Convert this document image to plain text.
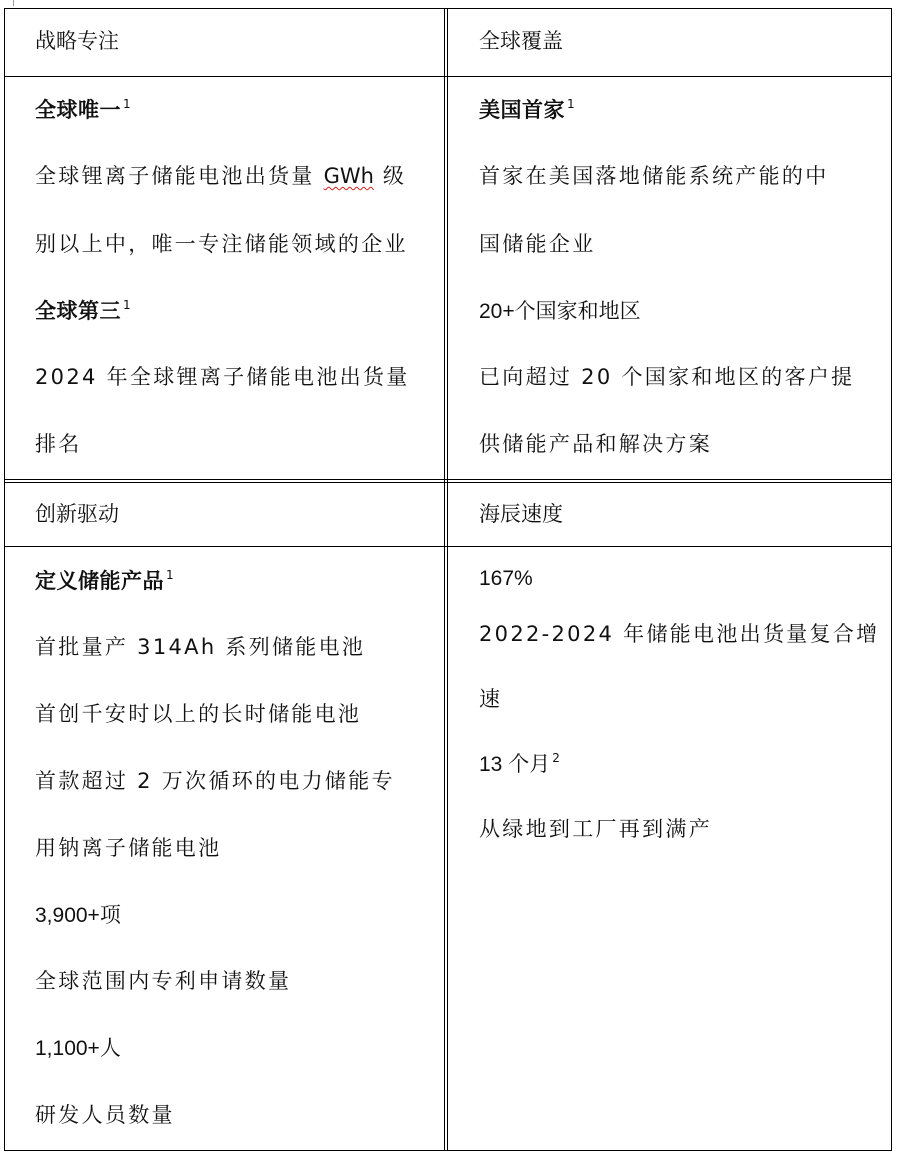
战略专注
全球唯一 $^1$
全球锂离子储能电池出货量 GWh 级
别以上中，唯一专注储能领域的企业
全球第三 $^1$
2024 年全球锂离子储能电池出货量
排名
全球覆盖
美国首家 $^1$
首家在美国落地储能系统产能的中
国储能企业
20+个国家和地区
已向超过 20 个国家和地区的客户提
供储能产品和解决方案
创新驱动
定义储能产品 $^1$
首批量产 314Ah 系列储能电池
首创千安时以上的长时储能电池
首款超过 2 万次循环的电力储能专
用钠离子储能电池
3,900+项
全球范围内专利申请数量
1,100+人
研发人员数量
海辰速度
167%
2022-2024 年储能电池出货量复合增
速
13 个月 $^2$
从绿地到工厂再到满产
